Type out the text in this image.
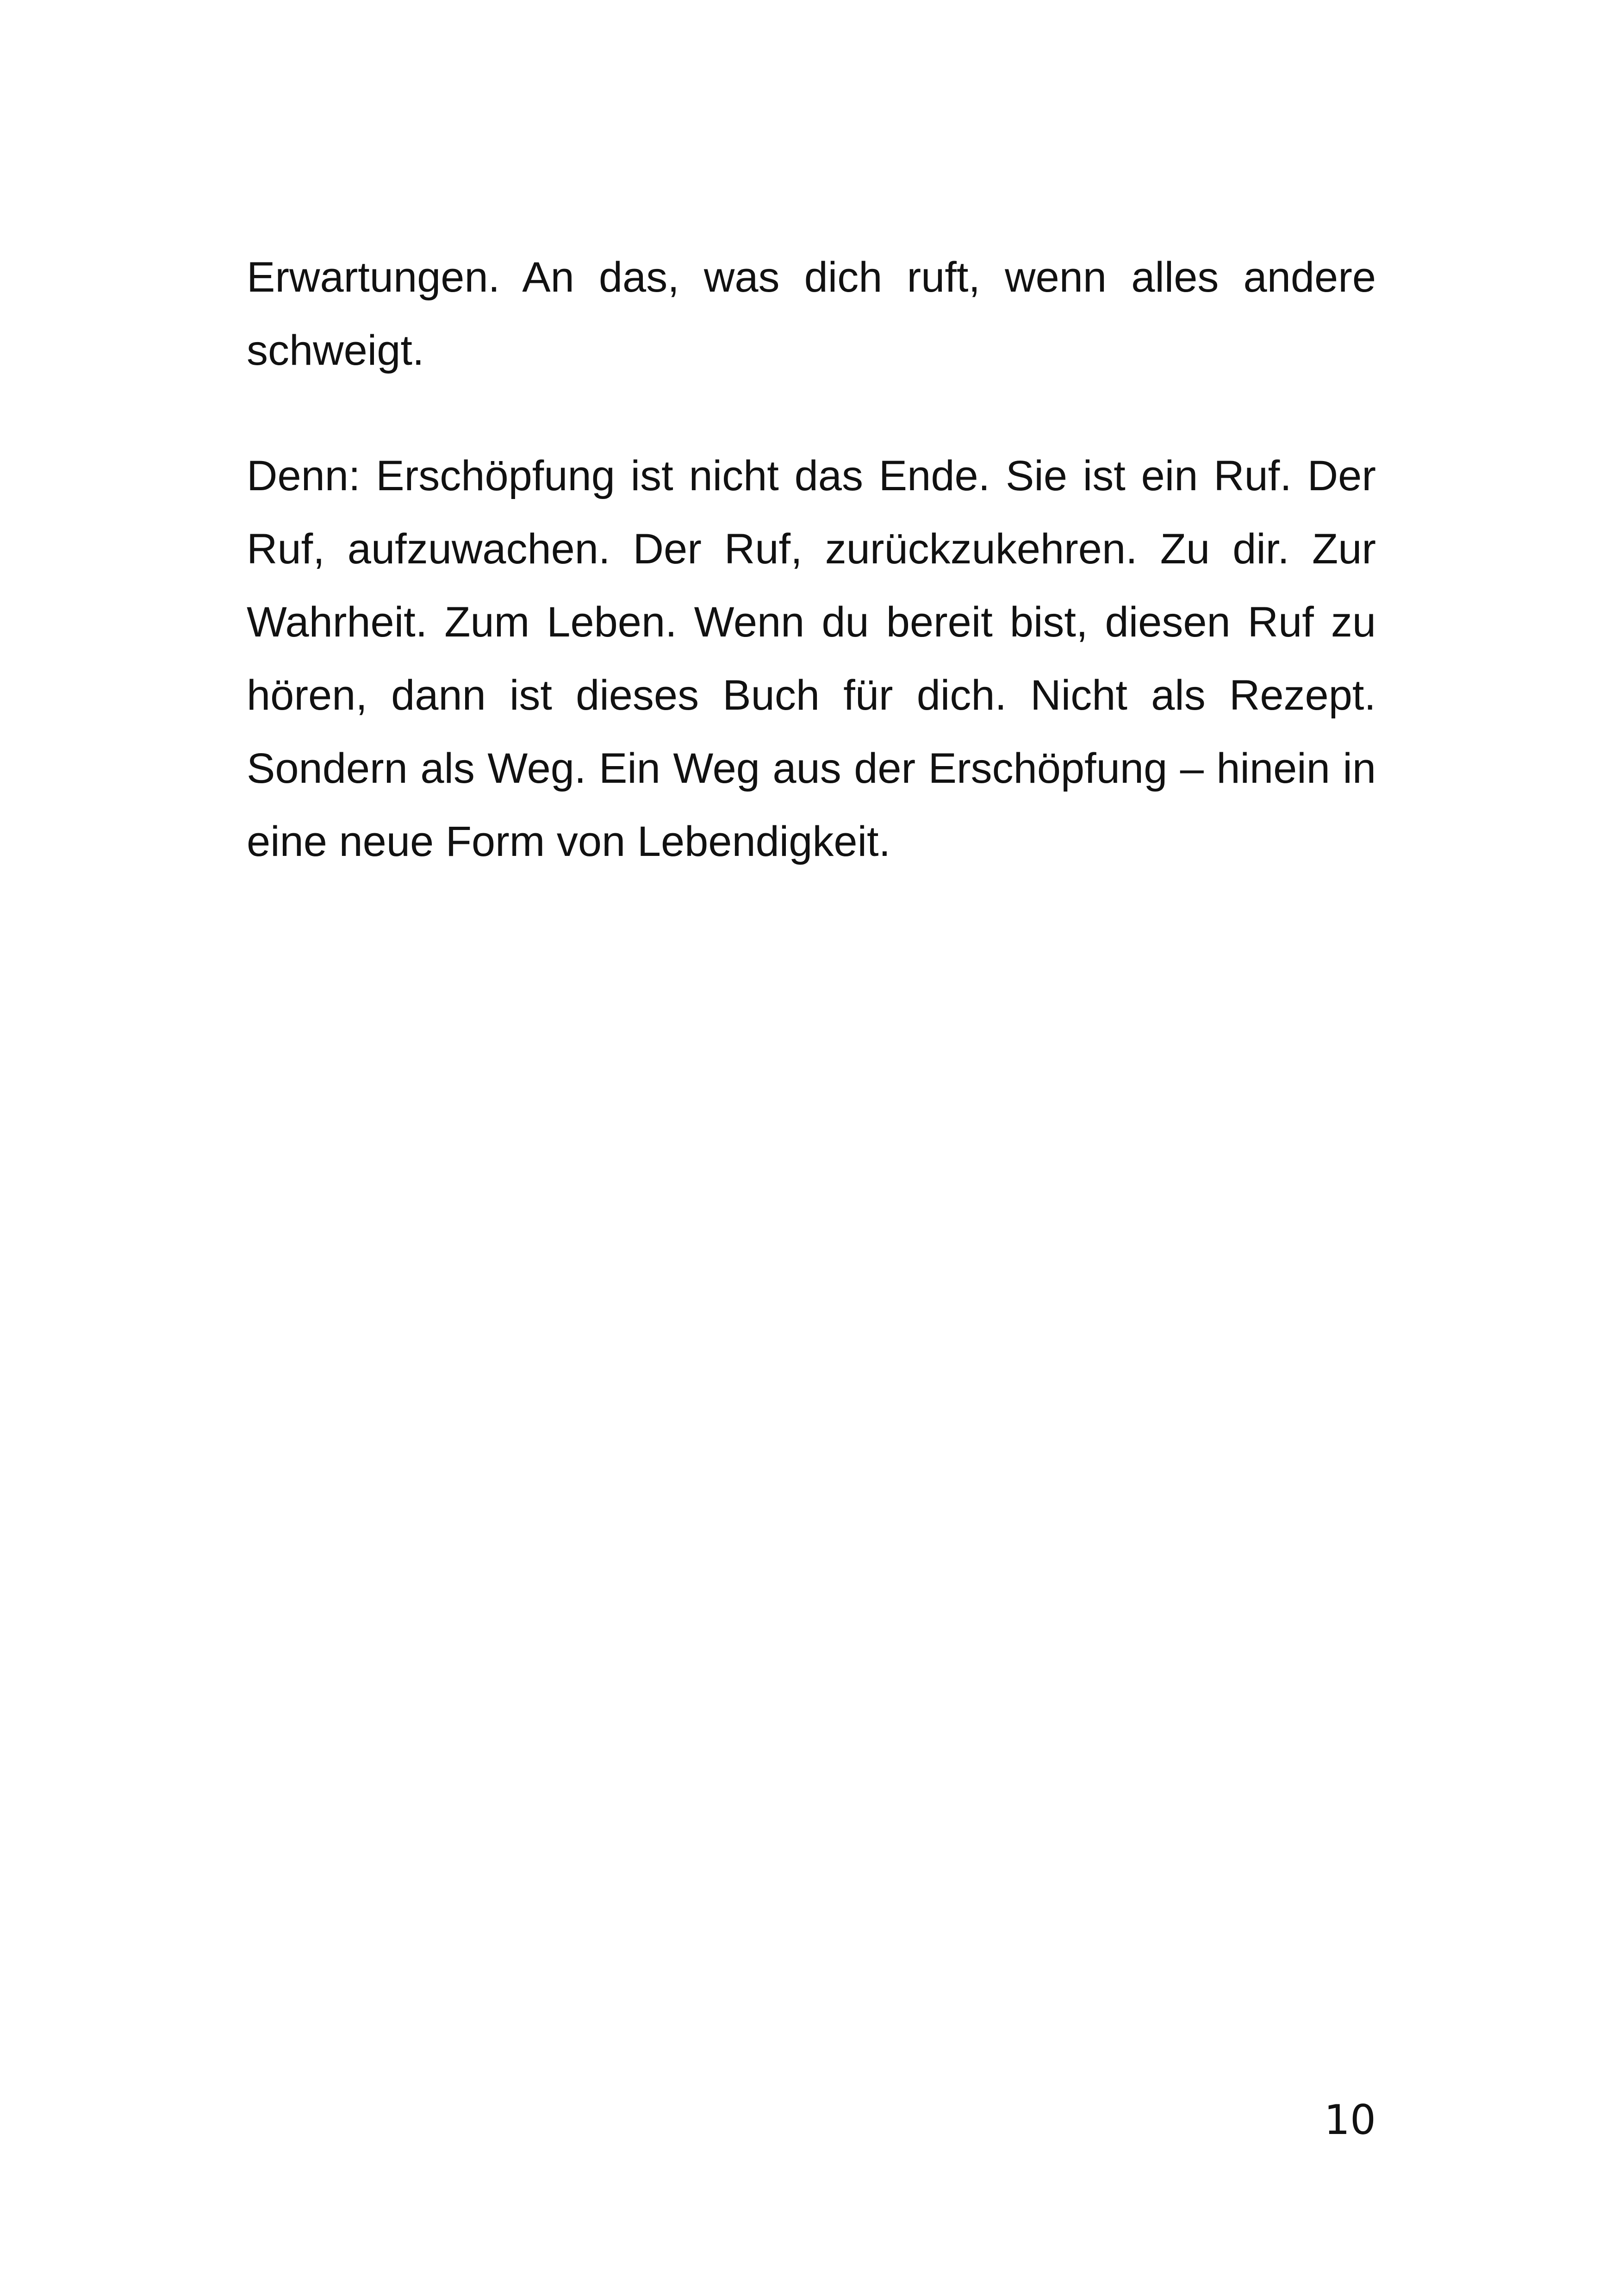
Erwartungen. An das, was dich ruft, wenn alles andere schweigt.

Denn: Erschöpfung ist nicht das Ende. Sie ist ein Ruf. Der Ruf, aufzuwachen. Der Ruf, zurückzukehren. Zu dir. Zur Wahrheit. Zum Leben. Wenn du bereit bist, diesen Ruf zu hören, dann ist dieses Buch für dich. Nicht als Rezept. Sondern als Weg. Ein Weg aus der Erschöpfung – hinein in eine neue Form von Lebendigkeit.

10
